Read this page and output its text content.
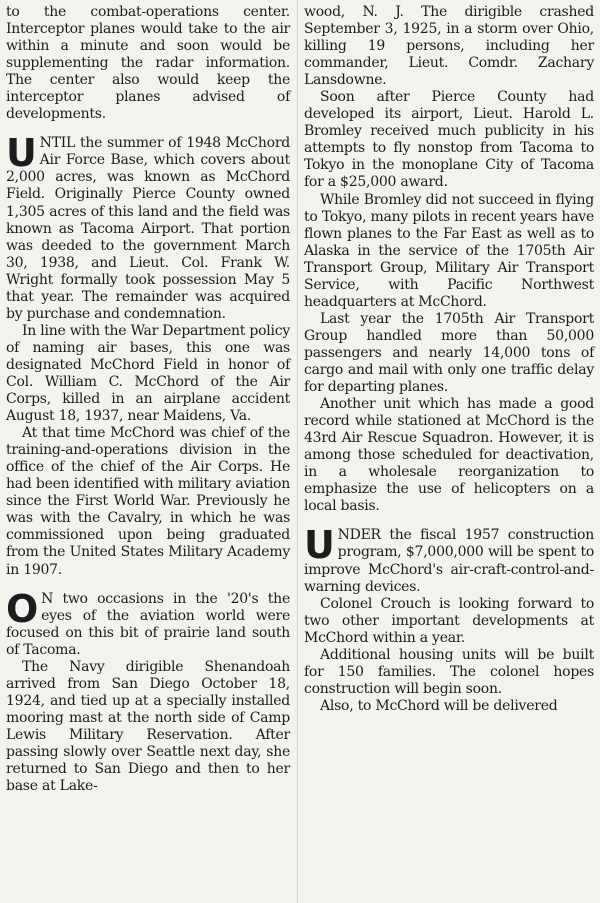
to the combat-operations center. Interceptor planes would take to the air within a minute and soon would be supplementing the radar information. The center also would keep the interceptor planes advised of developments.

UNTIL the summer of 1948 McChord Air Force Base, which covers about 2,000 acres, was known as McChord Field. Originally Pierce County owned 1,305 acres of this land and the field was known as Tacoma Airport. That portion was deeded to the government March 30, 1938, and Lieut. Col. Frank W. Wright formally took possession May 5 that year. The remainder was acquired by purchase and condemnation.

In line with the War Department policy of naming air bases, this one was designated McChord Field in honor of Col. William C. McChord of the Air Corps, killed in an airplane accident August 18, 1937, near Maidens, Va.

At that time McChord was chief of the training-and-operations division in the office of the chief of the Air Corps. He had been identified with military aviation since the First World War. Previously he was with the Cavalry, in which he was commissioned upon being graduated from the United States Military Academy in 1907.

O N two occasions in the '20's the eyes of the aviation world were focused on this bit of prairie land south of Tacoma.

The Navy dirigible Shenandoah arrived from San Diego October 18, 1924, and tied up at a specially installed mooring mast at the north side of Camp Lewis Military Reservation. After passing slowly over Seattle next day, she returned to San Diego and then to her base at Lake-

wood, N. J. The dirigible crashed September 3, 1925, in a storm over Ohio, killing 19 persons, including her commander, Lieut. Comdr. Zachary Lansdowne.

Soon after Pierce County had developed its airport, Lieut. Harold L. Bromley received much publicity in his attempts to fly nonstop from Tacoma to Tokyo in the monoplane City of Tacoma for a $25,000 award.

While Bromley did not succeed in flying to Tokyo, many pilots in recent years have flown planes to the Far East as well as to Alaska in the service of the 1705th Air Transport Group, Military Air Transport Service, with Pacific Northwest headquarters at McChord.

Last year the 1705th Air Transport Group handled more than 50,000 passengers and nearly 14,000 tons of cargo and mail with only one traffic delay for departing planes.

Another unit which has made a good record while stationed at McChord is the 43rd Air Rescue Squadron. However, it is among those scheduled for deactivation, in a wholesale reorganization to emphasize the use of helicopters on a local basis.

UNDER the fiscal 1957 construction program, $7,000,000 will be spent to improve McChord's air-craft-control-and-warning devices.

Colonel Crouch is looking forward to two other important developments at McChord within a year.

Additional housing units will be built for 150 families. The colonel hopes construction will begin soon.

Also, to McChord will be delivered
